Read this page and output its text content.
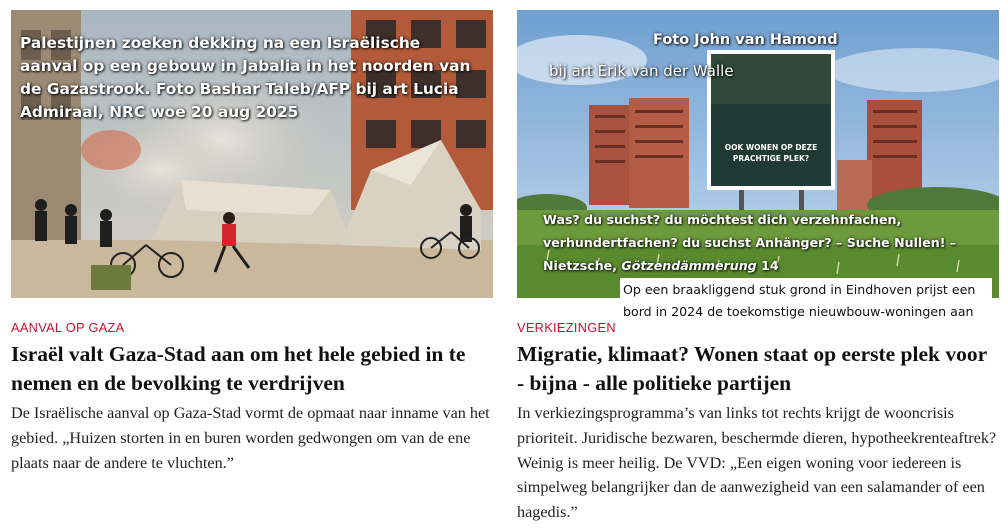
Palestijnen zoeken dekking na een Israëlische aanval op een gebouw in Jabalia in het noorden van de Gazastrook. Foto Bashar Taleb/AFP bij art Lucia Admiraal, NRC woe 20 aug 2025
AANVAL OP GAZA
Israël valt Gaza-Stad aan om het hele gebied in te nemen en de bevolking te verdrijven
De Israëlische aanval op Gaza-Stad vormt de opmaat naar inname van het gebied. „Huizen storten in en buren worden gedwongen om van de ene plaats naar de andere te vluchten.”
OOK WONEN OP DEZE
PRACHTIGE PLEK?
Foto John van Hamond
bij art Erik van der Walle
Was? du suchst? du möchtest dich verzehnfachen, verhundertfachen? du suchst Anhänger? – Suche Nullen! – Nietzsche, Götzendämmerung 14
VERKIEZINGEN
Migratie, klimaat? Wonen staat op eerste plek voor - bijna - alle politieke partijen
In verkiezingsprogramma’s van links tot rechts krijgt de wooncrisis prioriteit. Juridische bezwaren, beschermde dieren, hypotheekrenteaftrek? Weinig is meer heilig. De VVD: „Een eigen woning voor iedereen is simpelweg belangrijker dan de aanwezigheid van een salamander of een hagedis.”
Op een braakliggend stuk grond in Eindhoven prijst een bord in 2024 de toekomstige nieuwbouw-woningen aan
